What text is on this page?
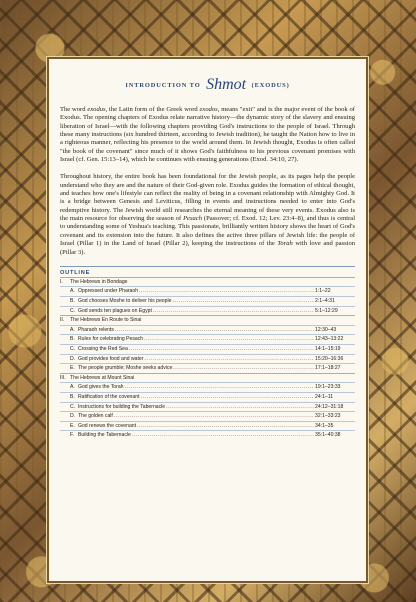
INTRODUCTION TO Shmot (EXODUS)

The word exodus, the Latin form of the Greek word exodos, means "exit" and is the major event of the book of Exodus. The opening chapters of Exodus relate narrative history—the dynamic story of the slavery and ensuing liberation of Israel—with the following chapters providing God's instructions to the people of Israel. Through these many instructions (six hundred thirteen, according to Jewish tradition), he taught the Nation how to live in a righteous manner, reflecting his presence to the world around them. In Jewish thought, Exodus is often called "the book of the covenant" since much of it shows God's faithfulness to his previous covenant promises with Israel (cf. Gen. 15:13–14), which he continues with ensuing generations (Exod. 34:10, 27).

Throughout history, the entire book has been foundational for the Jewish people, as its pages help the people understand who they are and the nature of their God-given role. Exodus guides the formation of ethical thought, and teaches how one's lifestyle can reflect the reality of being in a covenant relationship with Almighty God. It is a bridge between Genesis and Leviticus, filling in events and instructions needed to enter into God's redemptive history. The Jewish world still researches the eternal meaning of these very events. Exodus also is the main resource for observing the season of Pesach (Passover; cf. Exod. 12; Lev. 23:4–8), and thus is central to understanding some of Yeshua's teaching. This passionate, brilliantly written history shows the heart of God's covenant and its extension into the future. It also defines the active three pillars of Jewish life: the people of Israel (Pillar 1) in the Land of Israel (Pillar 2), keeping the instructions of the Torah with love and passion (Pillar 3).

OUTLINE
I.	The Hebrews in Bondage
A. Oppressed under Pharaoh .....	1:1–22
B. God chooses Moshe to deliver his people .....	2:1–4:31
C. God sends ten plagues on Egypt .....	5:1–12:29
II.	The Hebrews En Route to Sinai
A. Pharaoh relents .....	12:30–43
B. Rules for celebrating Pesach .....	12:43–13:22
C. Crossing the Red Sea .....	14:1–15:19
D. God provides food and water .....	15:20–16:36
E. The people grumble; Moshe seeks advice .....	17:1–18:27
III. The Hebrews at Mount Sinai
A. God gives the Torah .....	19:1–23:33
B. Ratification of the covenant .....	24:1–11
C. Instructions for building the Tabernacle .....	24:12–31:18
D. The golden calf .....	32:1–33:23
E. God renews the covenant .....	34:1–35
F. Building the Tabernacle .....	35:1–40:38
